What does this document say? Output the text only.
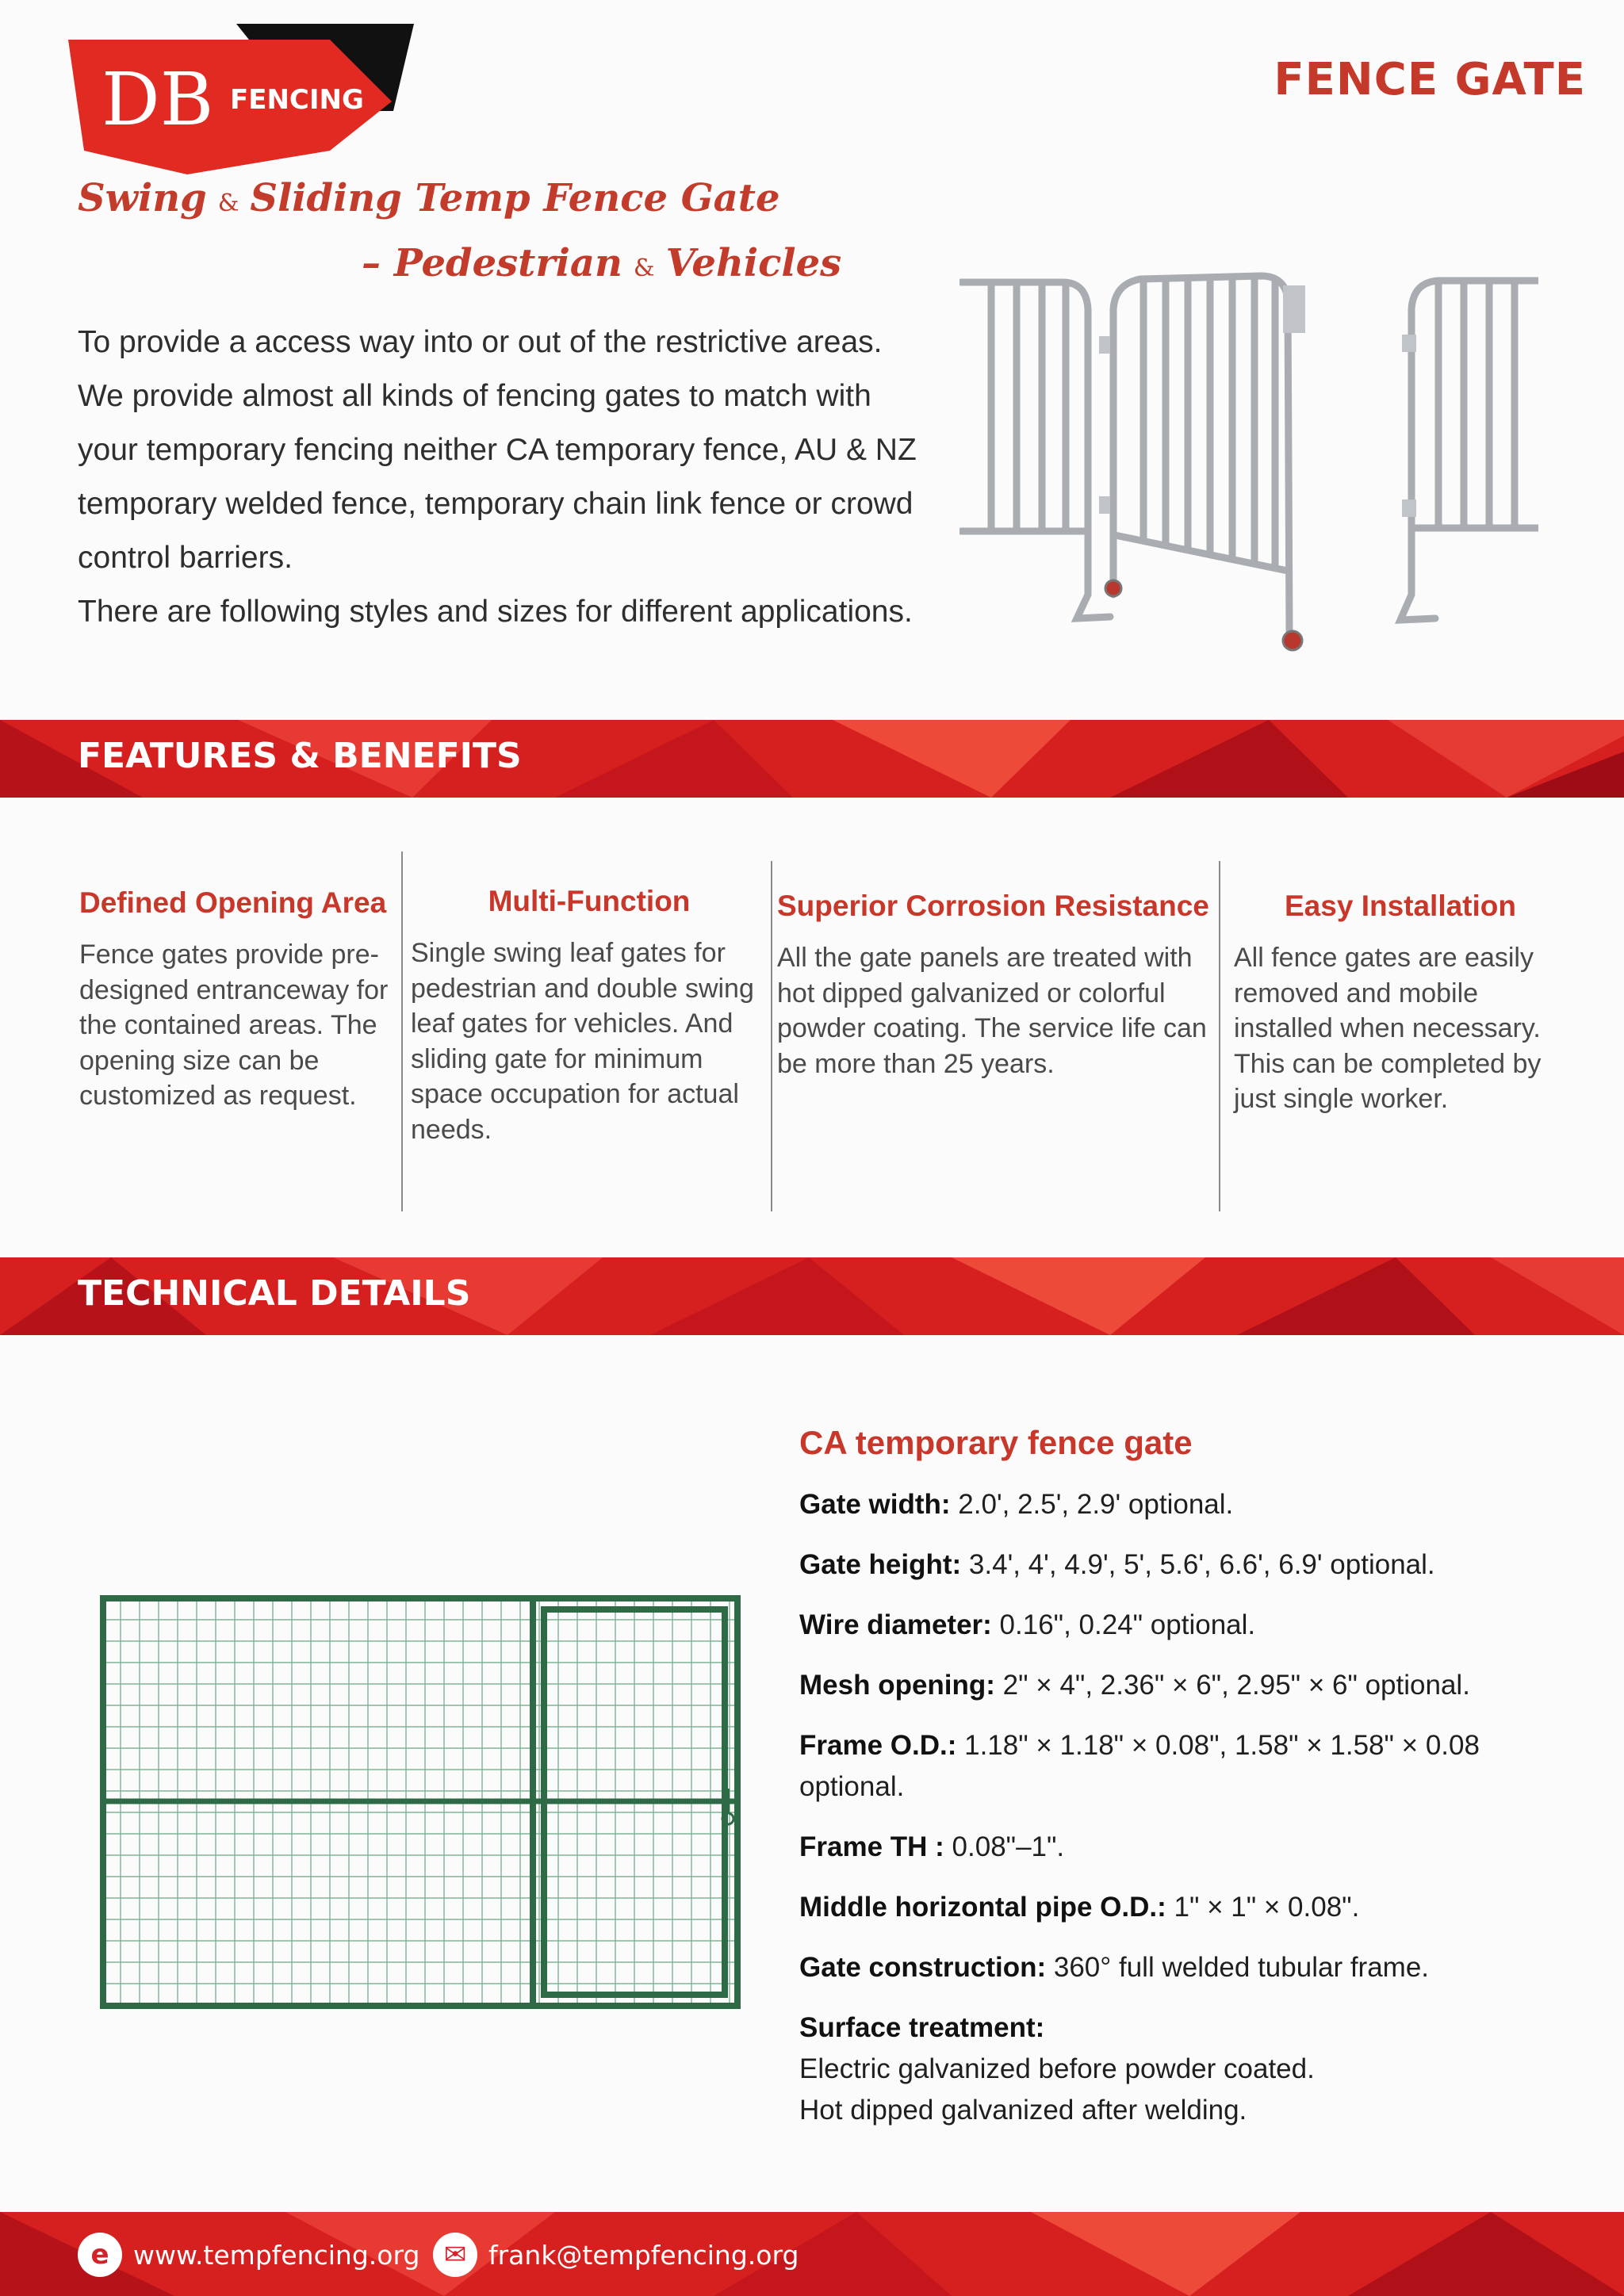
DB FENCING	FENCE GATE
Swing & Sliding Temp Fence Gate
– Pedestrian & Vehicles

To provide a access way into or out of the restrictive areas.

We provide almost all kinds of fencing gates to match with

your temporary fencing neither CA temporary fence, AU & NZ

temporary welded fence, temporary chain link fence or crowd

control barriers.

There are following styles and sizes for different applications.

FEATURES & BENEFITS
Defined Opening Area

Fence gates provide pre-designed entranceway for the contained areas. The opening size can be customized as request.

Multi-Function

Single swing leaf gates for pedestrian and double swing leaf gates for vehicles. And sliding gate for minimum space occupation for actual needs.

Superior Corrosion Resistance

All the gate panels are treated with hot dipped galvanized or colorful powder coating. The service life can be more than 25 years.

Easy Installation

All fence gates are easily removed and mobile installed when necessary. This can be completed by just single worker.

TECHNICAL DETAILS
CA temporary fence gate
Gate width: 2.0', 2.5', 2.9' optional.
Gate height: 3.4', 4', 4.9', 5', 5.6', 6.6', 6.9' optional.
Wire diameter: 0.16", 0.24" optional.
Mesh opening: 2" × 4", 2.36" × 6", 2.95" × 6" optional.
Frame O.D.: 1.18" × 1.18" × 0.08", 1.58" × 1.58" × 0.08 optional.
Frame TH : 0.08"–1".
Middle horizontal pipe O.D.: 1" × 1" × 0.08".
Gate construction: 360° full welded tubular frame.
Surface treatment:
Electric galvanized before powder coated.
Hot dipped galvanized after welding.
e www.tempfencing.org ✉ frank@tempfencing.org
